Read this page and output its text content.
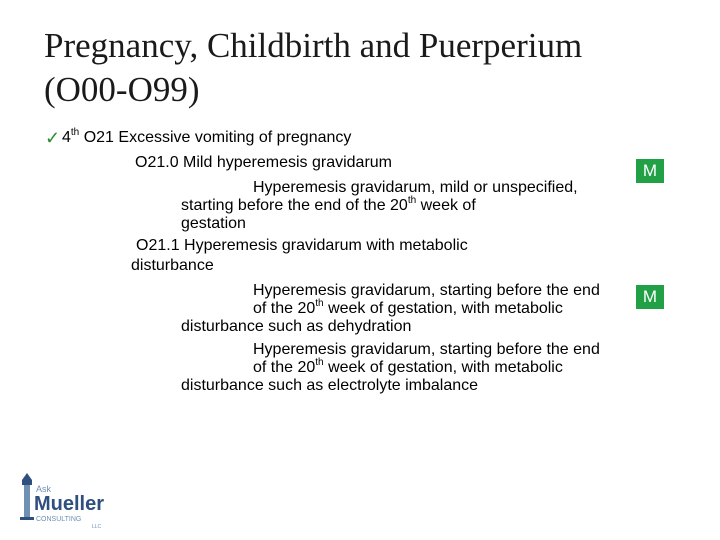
Pregnancy, Childbirth and Puerperium
(O00-O99)
✓ 4th O21 Excessive vomiting of pregnancy
O21.0 Mild hyperemesis gravidarum	M
Hyperemesis gravidarum, mild or unspecified,
starting before the end of the 20th week of
gestation
O21.1 Hyperemesis gravidarum with metabolic
disturbance
Hyperemesis gravidarum, starting before the end	M
of the 20th week of gestation, with metabolic
disturbance such as dehydration
Hyperemesis gravidarum, starting before the end
of the 20th week of gestation, with metabolic
disturbance such as electrolyte imbalance
Ask
Mueller
CONSULTING
LLC
